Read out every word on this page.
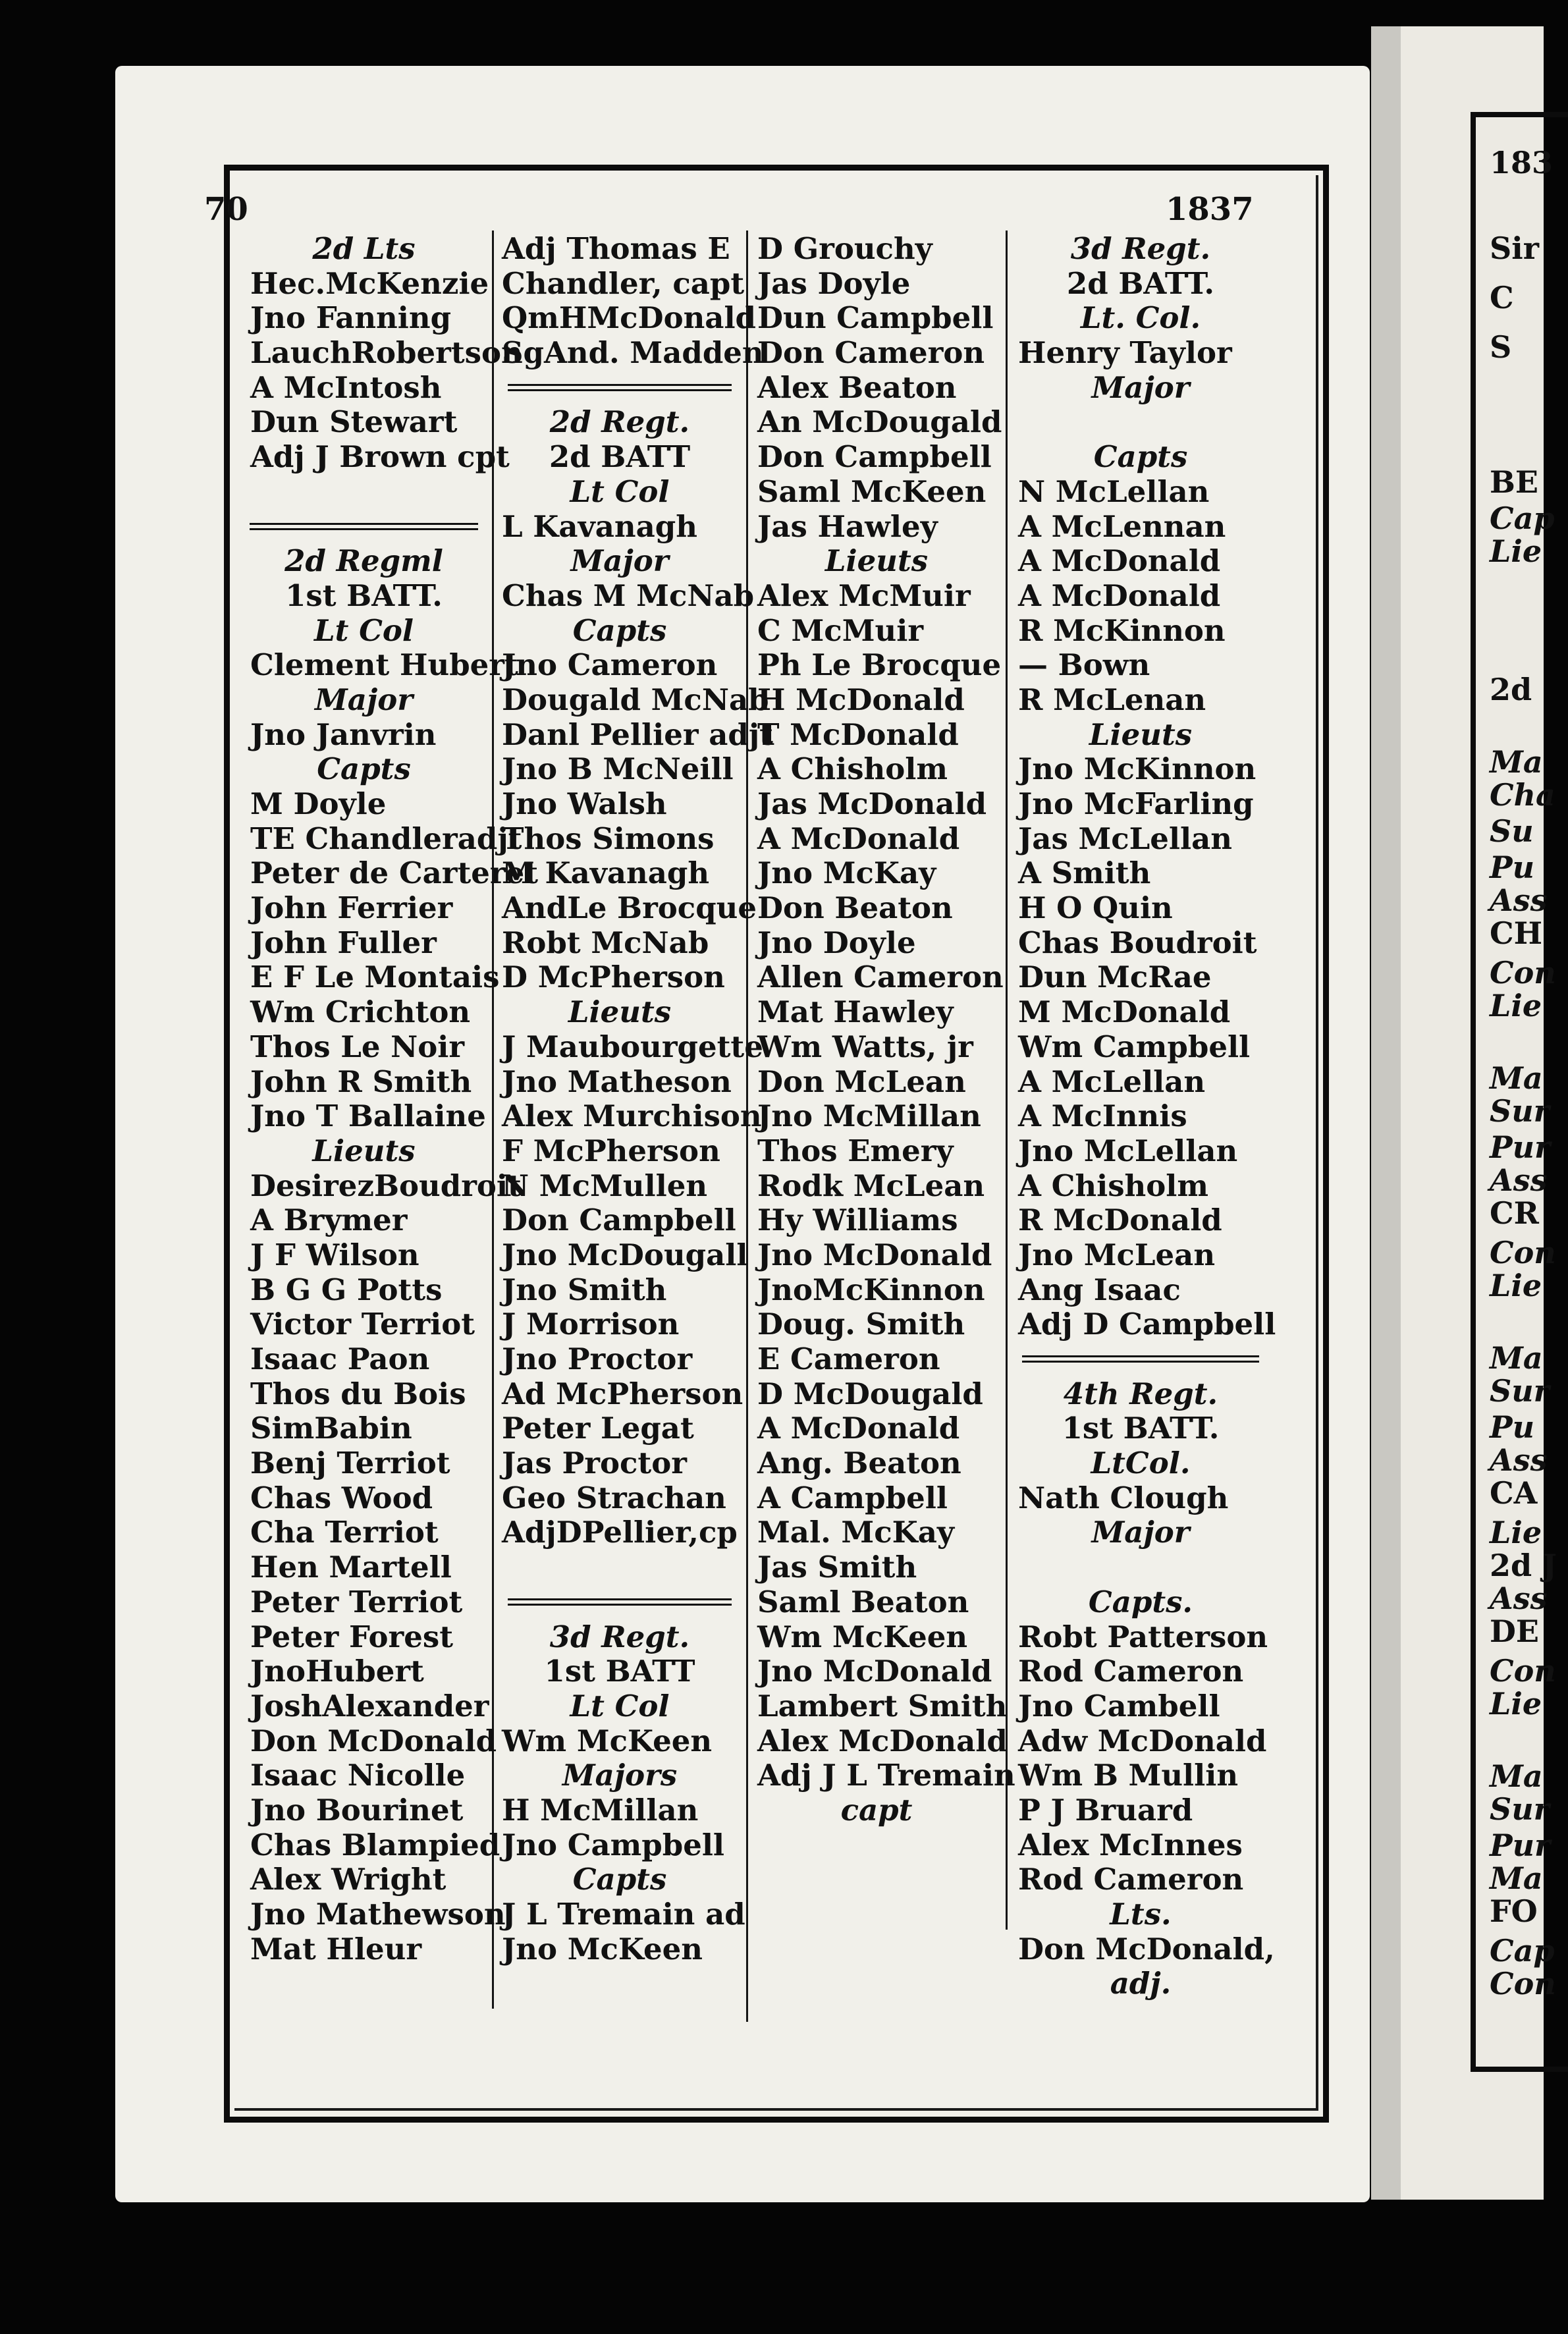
183
Sir
C
S
BE
Cap
Lie
2d
Ma
Cha
Su
Pu
Ass
CH
Con
Lie
Ma
Sur
Pur
Ass
CR
Con
Lie
Ma
Sur
Pu
Ass
CA
Lie
2d J
Ass
DE
Con
Lie
Ma
Sur
Pur
Ma
FO
Cap
Con
70	1837
2d Lts
Hec.McKenzie
Jno Fanning
LauchRobertson
A McIntosh
Dun Stewart
Adj J Brown cpt
2d Regml
1st BATT.
Lt Col
Clement Hubert
Major
Jno Janvrin
Capts
M Doyle
TE Chandleradjt
Peter de Carteret
John Ferrier
John Fuller
E F Le Montais
Wm Crichton
Thos Le Noir
John R Smith
Jno T Ballaine
Lieuts
DesirezBoudroit
A Brymer
J F Wilson
B G G Potts
Victor Terriot
Isaac Paon
Thos du Bois
SimBabin
Benj Terriot
Chas Wood
Cha Terriot
Hen Martell
Peter Terriot
Peter Forest
JnoHubert
JoshAlexander
Don McDonald
Isaac Nicolle
Jno Bourinet
Chas Blampied
Alex Wright
Jno Mathewson
Mat Hleur
Adj Thomas E
Chandler, capt
QmHMcDonald
SgAnd. Madden
2d Regt.
2d BATT
Lt Col
L Kavanagh
Major
Chas M McNab
Capts
Jno Cameron
Dougald McNab
Danl Pellier adjt
Jno B McNeill
Jno Walsh
Thos Simons
M Kavanagh
AndLe Brocque
Robt McNab
D McPherson
Lieuts
J Maubourgette
Jno Matheson
Alex Murchison
F McPherson
N McMullen
Don Campbell
Jno McDougall
Jno Smith
J Morrison
Jno Proctor
Ad McPherson
Peter Legat
Jas Proctor
Geo Strachan
AdjDPellier,cp
3d Regt.
1st BATT
Lt Col
Wm McKeen
Majors
H McMillan
Jno Campbell
Capts
J L Tremain ad
Jno McKeen
D Grouchy
Jas Doyle
Dun Campbell
Don Cameron
Alex Beaton
An McDougald
Don Campbell
Saml McKeen
Jas Hawley
Lieuts
Alex McMuir
C McMuir
Ph Le Brocque
H McDonald
T McDonald
A Chisholm
Jas McDonald
A McDonald
Jno McKay
Don Beaton
Jno Doyle
Allen Cameron
Mat Hawley
Wm Watts, jr
Don McLean
Jno McMillan
Thos Emery
Rodk McLean
Hy Williams
Jno McDonald
JnoMcKinnon
Doug. Smith
E Cameron
D McDougald
A McDonald
Ang. Beaton
A Campbell
Mal. McKay
Jas Smith
Saml Beaton
Wm McKeen
Jno McDonald
Lambert Smith
Alex McDonald
Adj J L Tremain
capt
3d Regt.
2d BATT.
Lt. Col.
Henry Taylor
Major
Capts
N McLellan
A McLennan
A McDonald
A McDonald
R McKinnon
— Bown
R McLenan
Lieuts
Jno McKinnon
Jno McFarling
Jas McLellan
A Smith
H O Quin
Chas Boudroit
Dun McRae
M McDonald
Wm Campbell
A McLellan
A McInnis
Jno McLellan
A Chisholm
R McDonald
Jno McLean
Ang Isaac
Adj D Campbell
4th Regt.
1st BATT.
LtCol.
Nath Clough
Major
Capts.
Robt Patterson
Rod Cameron
Jno Cambell
Adw McDonald
Wm B Mullin
P J Bruard
Alex McInnes
Rod Cameron
Lts.
Don McDonald,
adj.
